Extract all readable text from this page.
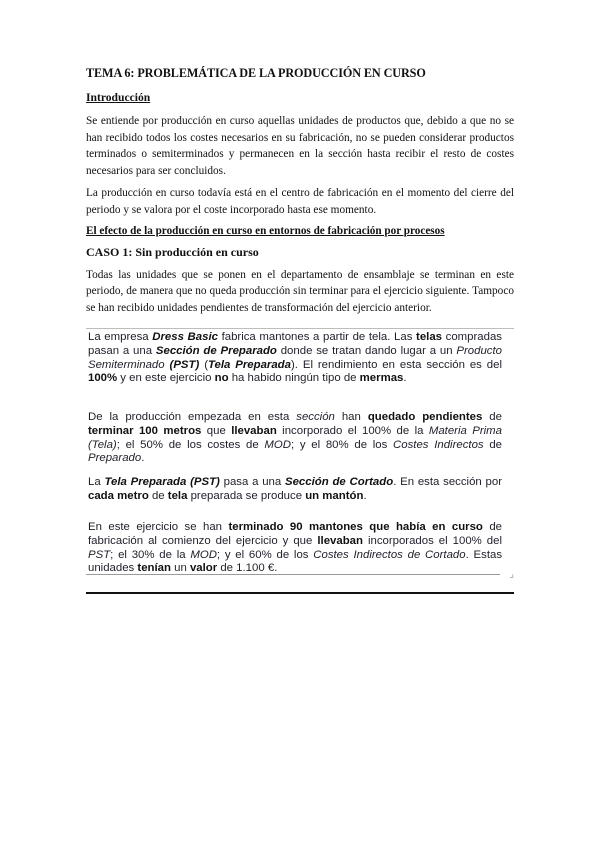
TEMA 6: PROBLEMÁTICA DE LA PRODUCCIÓN EN CURSO
Introducción

Se entiende por producción en curso aquellas unidades de productos que, debido a que no se han recibido todos los costes necesarios en su fabricación, no se pueden considerar productos terminados o semiterminados y permanecen en la sección hasta recibir el resto de costes necesarios para ser concluidos.

La producción en curso todavía está en el centro de fabricación en el momento del cierre del periodo y se valora por el coste incorporado hasta ese momento.

El efecto de la producción en curso en entornos de fabricación por procesos
CASO 1: Sin producción en curso

Todas las unidades que se ponen en el departamento de ensamblaje se terminan en este periodo, de manera que no queda producción sin terminar para el ejercicio siguiente. Tampoco se han recibido unidades pendientes de transformación del ejercicio anterior.

La empresa Dress Basic fabrica mantones a partir de tela. Las telas compradas pasan a una Sección de Preparado donde se tratan dando lugar a un Producto Semiterminado (PST) (Tela Preparada). El rendimiento en esta sección es del 100% y en este ejercicio no ha habido ningún tipo de mermas.
De la producción empezada en esta sección han quedado pendientes de terminar 100 metros que llevaban incorporado el 100% de la Materia Prima (Tela); el 50% de los costes de MOD; y el 80% de los Costes Indirectos de Preparado.
La Tela Preparada (PST) pasa a una Sección de Cortado. En esta sección por cada metro de tela preparada se produce un mantón.
En este ejercicio se han terminado 90 mantones que había en curso de fabricación al comienzo del ejercicio y que llevaban incorporados el 100% del PST; el 30% de la MOD; y el 60% de los Costes Indirectos de Cortado. Estas unidades tenían un valor de 1.100 €.
⌟
